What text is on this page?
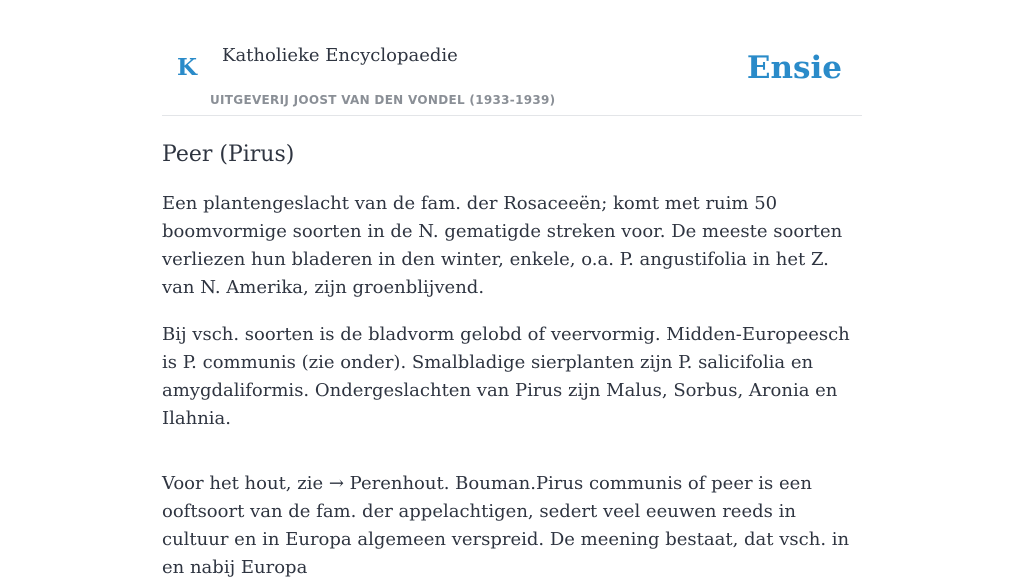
K Katholieke Encyclopaedie
UITGEVERIJ JOOST VAN DEN VONDEL (1933-1939)
Ensie
Peer (Pirus)

Een plantengeslacht van de fam. der Rosaceeën; komt met ruim 50 boomvormige soorten in de N. gematigde streken voor. De meeste soorten verliezen hun bladeren in den winter, enkele, o.a. P. angustifolia in het Z. van N. Amerika, zijn groenblijvend.

Bij vsch. soorten is de bladvorm gelobd of veervormig. Midden-Europeesch is P. communis (zie onder). Smalbladige sierplanten zijn P. salicifolia en amygdaliformis. Ondergeslachten van Pirus zijn Malus, Sorbus, Aronia en Ilahnia.

Voor het hout, zie → Perenhout. Bouman.Pirus communis of peer is een ooftsoort van de fam. der appelachtigen, sedert veel eeuwen reeds in cultuur en in Europa algemeen verspreid. De meening bestaat, dat vsch. in en nabij Europa
